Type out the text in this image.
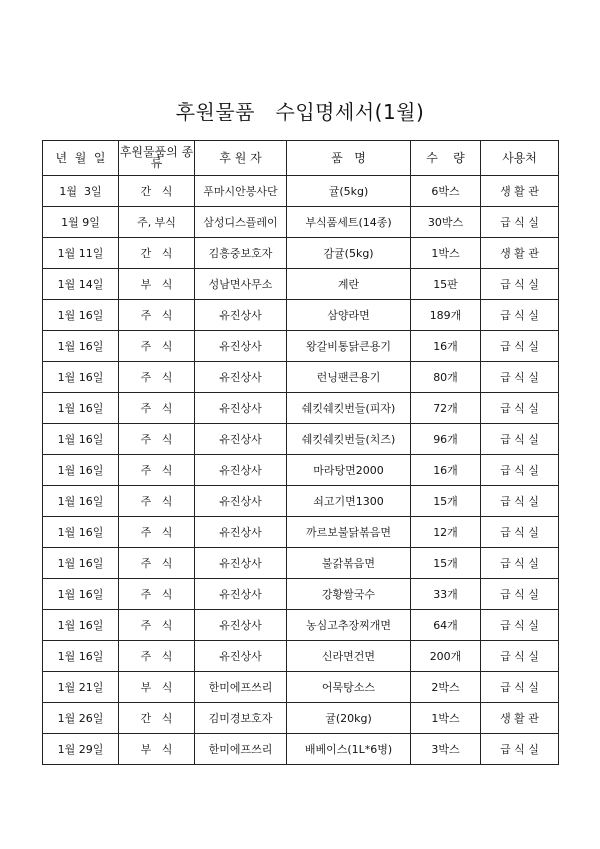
후원물품   수입명세서(1월)
년  월  일	후원물품의 종류	후 원 자	품   명	수    량	사용처
1월  3일	간   식	푸마시안봉사단	귤(5kg)	6박스	생 활 관
1월 9일	주, 부식	삼성디스플레이	부식품세트(14종)	30박스	급 식 실
1월 11일	간   식	김흥중보호자	감귤(5kg)	1박스	생 활 관
1월 14일	부   식	성남면사무소	계란	15판	급 식 실
1월 16일	주   식	유진상사	삼양라면	189개	급 식 실
1월 16일	주   식	유진상사	왕갈비통닭큰용기	16개	급 식 실
1월 16일	주   식	유진상사	런닝팬큰용기	80개	급 식 실
1월 16일	주   식	유진상사	쉐킷쉐킷번들(피자)	72개	급 식 실
1월 16일	주   식	유진상사	쉐킷쉐킷번들(치즈)	96개	급 식 실
1월 16일	주   식	유진상사	마라탕면2000	16개	급 식 실
1월 16일	주   식	유진상사	쇠고기면1300	15개	급 식 실
1월 16일	주   식	유진상사	까르보불닭볶음면	12개	급 식 실
1월 16일	주   식	유진상사	불갉볶음면	15개	급 식 실
1월 16일	주   식	유진상사	강황쌀국수	33개	급 식 실
1월 16일	주   식	유진상사	농심고추장찌개면	64개	급 식 실
1월 16일	주   식	유진상사	신라면건면	200개	급 식 실
1월 21일	부   식	한미에프쓰리	어묵탕소스	2박스	급 식 실
1월 26일	간   식	김미경보호자	귤(20kg)	1박스	생 활 관
1월 29일	부   식	한미에프쓰리	배베이스(1L*6병)	3박스	급 식 실
